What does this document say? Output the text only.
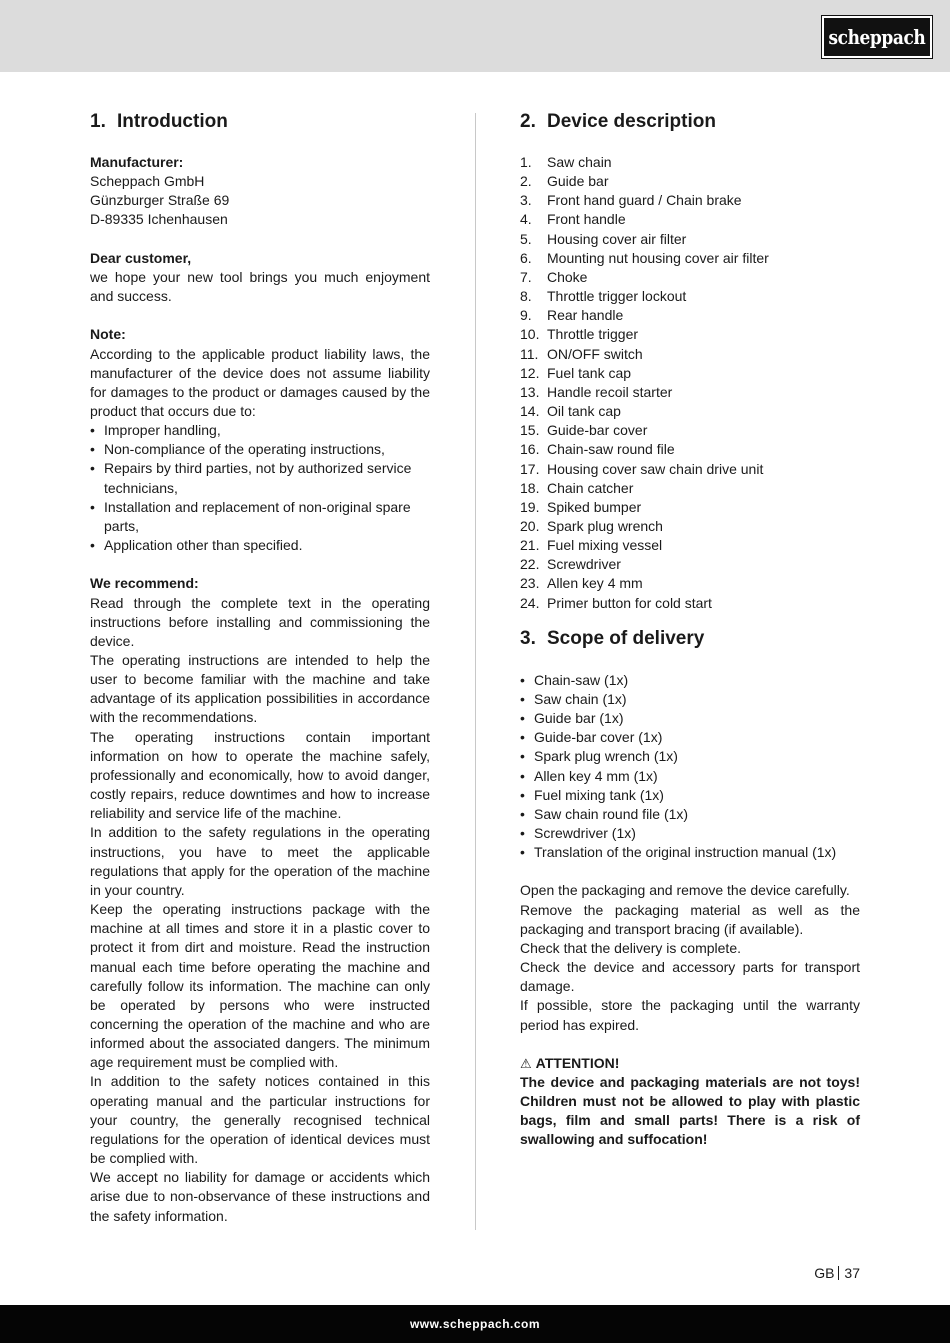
scheppach
1. Introduction
Manufacturer:
Scheppach GmbH
Günzburger Straße 69
D-89335 Ichenhausen
Dear customer,
we hope your new tool brings you much enjoyment and success.
Note:
According to the applicable product liability laws, the manufacturer of the device does not assume liability for damages to the product or damages caused by the product that occurs due to:
• Improper handling,
• Non-compliance of the operating instructions,
• Repairs by third parties, not by authorized service technicians,
• Installation and replacement of non-original spare parts,
• Application other than specified.
We recommend:
Read through the complete text in the operating instructions before installing and commissioning the device.
The operating instructions are intended to help the user to become familiar with the machine and take advantage of its application possibilities in accordance with the recommendations.
The operating instructions contain important information on how to operate the machine safely, professionally and economically, how to avoid danger, costly repairs, reduce downtimes and how to increase reliability and service life of the machine.
In addition to the safety regulations in the operating instructions, you have to meet the applicable regulations that apply for the operation of the machine in your country.
Keep the operating instructions package with the machine at all times and store it in a plastic cover to protect it from dirt and moisture. Read the instruction manual each time before operating the machine and carefully follow its information. The machine can only be operated by persons who were instructed concerning the operation of the machine and who are informed about the associated dangers. The minimum age requirement must be complied with.
In addition to the safety notices contained in this operating manual and the particular instructions for your country, the generally recognised technical regulations for the operation of identical devices must be complied with.
We accept no liability for damage or accidents which arise due to non-observance of these instructions and the safety information.
2. Device description
1.	Saw chain
2.	Guide bar
3.	Front hand guard / Chain brake
4.	Front handle
5.	Housing cover air filter
6.	Mounting nut housing cover air filter
7.	Choke
8.	Throttle trigger lockout
9.	Rear handle
10. Throttle trigger
11. ON/OFF switch
12. Fuel tank cap
13. Handle recoil starter
14. Oil tank cap
15. Guide-bar cover
16. Chain-saw round file
17. Housing cover saw chain drive unit
18. Chain catcher
19. Spiked bumper
20. Spark plug wrench
21. Fuel mixing vessel
22. Screwdriver
23. Allen key 4 mm
24. Primer button for cold start
3. Scope of delivery
• Chain-saw (1x)
• Saw chain (1x)
• Guide bar (1x)
• Guide-bar cover (1x)
• Spark plug wrench (1x)
• Allen key 4 mm (1x)
• Fuel mixing tank (1x)
• Saw chain round file (1x)
• Screwdriver (1x)
• Translation of the original instruction manual (1x)
Open the packaging and remove the device carefully.
Remove the packaging material as well as the packaging and transport bracing (if available).
Check that the delivery is complete.
Check the device and accessory parts for transport damage.
If possible, store the packaging until the warranty period has expired.
⚠ ATTENTION!
The device and packaging materials are not toys! Children must not be allowed to play with plastic bags, film and small parts! There is a risk of swallowing and suffocation!
GB 37
www.scheppach.com
